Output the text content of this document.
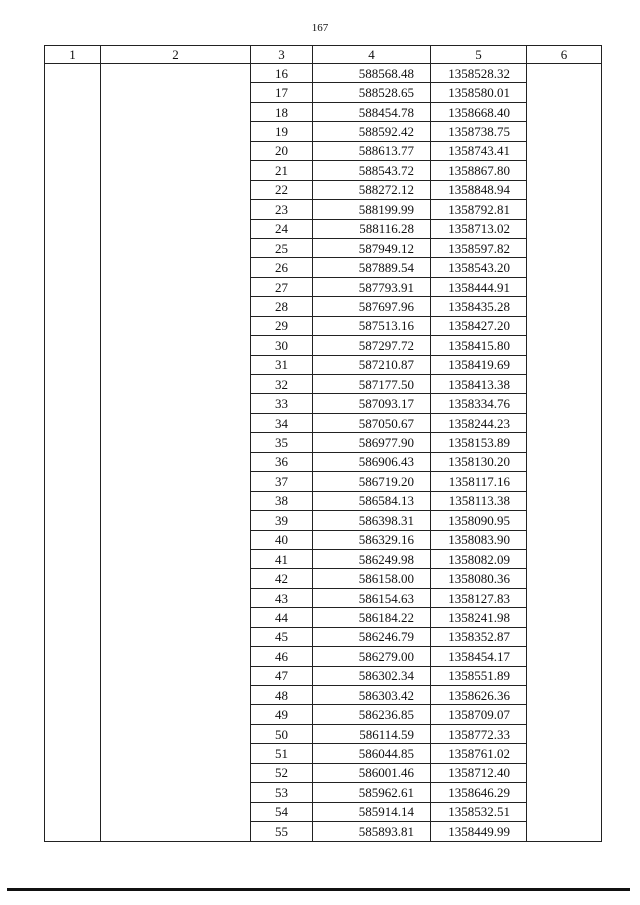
167
1	2	3	4	5	6
		16	588568.48	1358528.32	
		17	588528.65	1358580.01	
		18	588454.78	1358668.40	
		19	588592.42	1358738.75	
		20	588613.77	1358743.41	
		21	588543.72	1358867.80	
		22	588272.12	1358848.94	
		23	588199.99	1358792.81	
		24	588116.28	1358713.02	
		25	587949.12	1358597.82	
		26	587889.54	1358543.20	
		27	587793.91	1358444.91	
		28	587697.96	1358435.28	
		29	587513.16	1358427.20	
		30	587297.72	1358415.80	
		31	587210.87	1358419.69	
		32	587177.50	1358413.38	
		33	587093.17	1358334.76	
		34	587050.67	1358244.23	
		35	586977.90	1358153.89	
		36	586906.43	1358130.20	
		37	586719.20	1358117.16	
		38	586584.13	1358113.38	
		39	586398.31	1358090.95	
		40	586329.16	1358083.90	
		41	586249.98	1358082.09	
		42	586158.00	1358080.36	
		43	586154.63	1358127.83	
		44	586184.22	1358241.98	
		45	586246.79	1358352.87	
		46	586279.00	1358454.17	
		47	586302.34	1358551.89	
		48	586303.42	1358626.36	
		49	586236.85	1358709.07	
		50	586114.59	1358772.33	
		51	586044.85	1358761.02	
		52	586001.46	1358712.40	
		53	585962.61	1358646.29	
		54	585914.14	1358532.51	
		55	585893.81	1358449.99	
